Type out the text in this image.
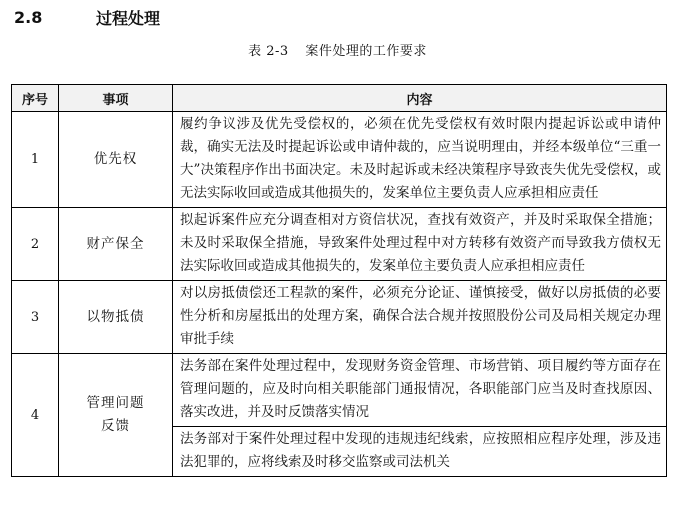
2.8	过程处理
表 2-3 案件处理的工作要求
序号	事项	内容
1	优先权	履约争议涉及优先受偿权的，必须在优先受偿权有效时限内提起诉讼或申请仲裁，确实无法及时提起诉讼或申请仲裁的，应当说明理由，并经本级单位“三重一大”决策程序作出书面决定。未及时起诉或未经决策程序导致丧失优先受偿权，或无法实际收回或造成其他损失的，发案单位主要负责人应承担相应责任
2	财产保全	拟起诉案件应充分调查相对方资信状况，查找有效资产，并及时采取保全措施；未及时采取保全措施，导致案件处理过程中对方转移有效资产而导致我方债权无法实际收回或造成其他损失的，发案单位主要负责人应承担相应责任
3	以物抵债	对以房抵债偿还工程款的案件，必须充分论证、谨慎接受，做好以房抵债的必要性分析和房屋抵出的处理方案，确保合法合规并按照股份公司及局相关规定办理审批手续
4	管理问题反馈	法务部在案件处理过程中，发现财务资金管理、市场营销、项目履约等方面存在管理问题的，应及时向相关职能部门通报情况，各职能部门应当及时查找原因、落实改进，并及时反馈落实情况
法务部对于案件处理过程中发现的违规违纪线索，应按照相应程序处理，涉及违法犯罪的，应将线索及时移交监察或司法机关
